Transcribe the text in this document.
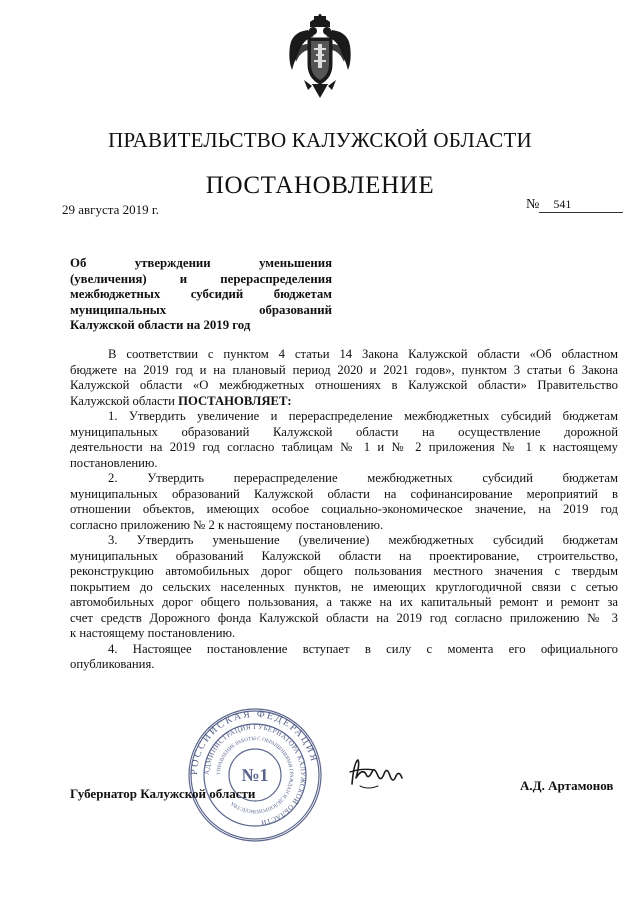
ПРАВИТЕЛЬСТВО КАЛУЖСКОЙ ОБЛАСТИ
ПОСТАНОВЛЕНИЕ
29 августа 2019 г.	№ 541
Об утверждении уменьшения
(увеличения) и перераспределения
межбюджетных субсидий бюджетам
муниципальных образований
Калужской области на 2019 год
В соответствии с пунктом 4 статьи 14 Закона Калужской области «Об областном
бюджете на 2019 год и на плановый период 2020 и 2021 годов», пунктом 3 статьи 6 Закона
Калужской области «О межбюджетных отношениях в Калужской области» Правительство
Калужской области ПОСТАНОВЛЯЕТ:
1. Утвердить увеличение и перераспределение межбюджетных субсидий бюджетам
муниципальных образований Калужской области на осуществление дорожной
деятельности на 2019 год согласно таблицам № 1 и № 2 приложения № 1 к настоящему
постановлению.
2. Утвердить перераспределение межбюджетных субсидий бюджетам
муниципальных образований Калужской области на софинансирование мероприятий в
отношении объектов, имеющих особое социально-экономическое значение, на 2019 год
согласно приложению № 2 к настоящему постановлению.
3. Утвердить уменьшение (увеличение) межбюджетных субсидий бюджетам
муниципальных образований Калужской области на проектирование, строительство,
реконструкцию автомобильных дорог общего пользования местного значения с твердым
покрытием до сельских населенных пунктов, не имеющих круглогодичной связи с сетью
автомобильных дорог общего пользования, а также на их капитальный ремонт и ремонт за
счет средств Дорожного фонда Калужской области на 2019 год согласно приложению № 3
к настоящему постановлению.
4. Настоящее постановление вступает в силу с момента его официального
опубликования.
РОССИЙСКАЯ ФЕДЕРАЦИЯ
АДМИНИСТРАЦИЯ ГУБЕРНАТОРА КАЛУЖСКОЙ ОБЛАСТИ
УПРАВЛЕНИЕ РАБОТЫ С ОБРАЩЕНИЯМИ ГРАЖДАН И ДЕЛОПРОИЗВОДСТВА
№1
Губернатор Калужской области
А.Д. Артамонов
